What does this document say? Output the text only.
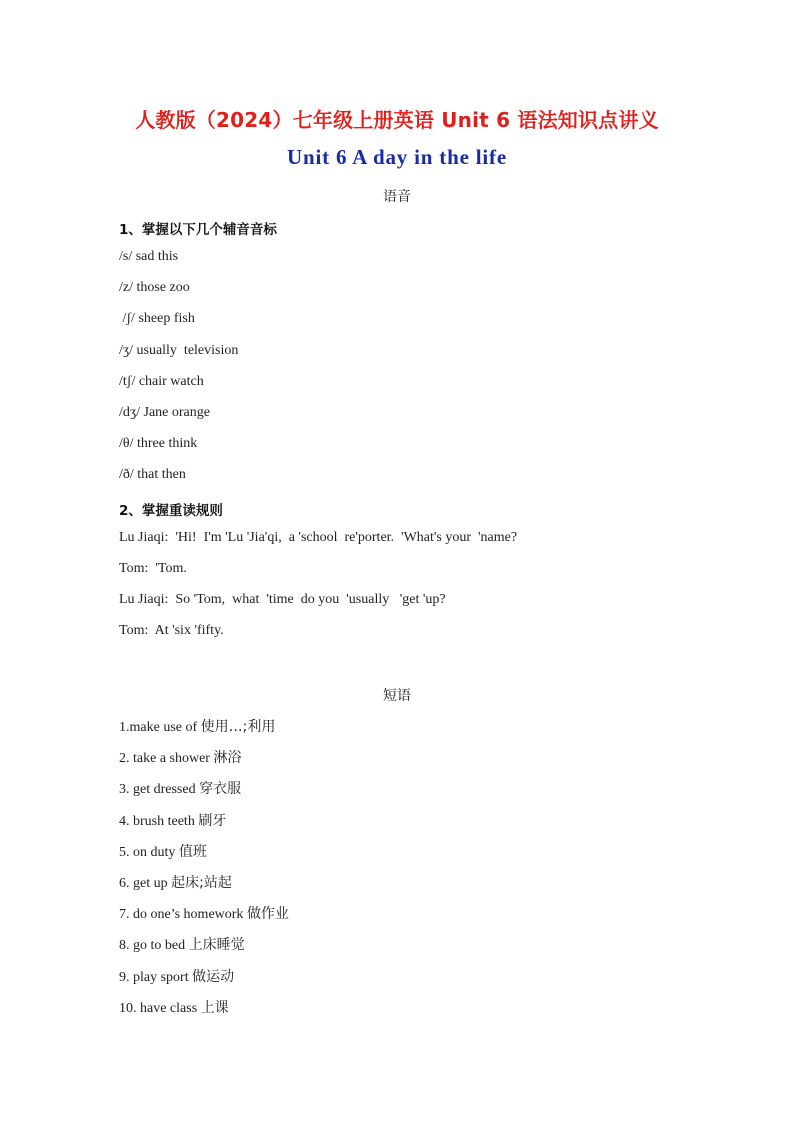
人教版（2024）七年级上册英语 Unit 6 语法知识点讲义
Unit 6 A day in the life
语音
1、掌握以下几个辅音音标
/s/ sad this
/z/ those zoo
/ʃ/ sheep fish
/ʒ/ usually  television
/tʃ/ chair watch
/dʒ/ Jane orange
/θ/ three think
/ð/ that then
2、掌握重读规则
Lu Jiaqi:  'Hi!  I'm 'Lu 'Jia'qi,  a 'school  re'porter.  'What's your  'name?
Tom:  'Tom.
Lu Jiaqi:  So 'Tom,  what  'time  do you  'usually   'get 'up?
Tom:  At 'six 'fifty.
短语
1.make use of 使用…;利用
2. take a shower 淋浴
3. get dressed 穿衣服
4. brush teeth 刷牙
5. on duty 值班
6. get up 起床;站起
7. do one’s homework 做作业
8. go to bed 上床睡觉
9. play sport 做运动
10. have class 上课
